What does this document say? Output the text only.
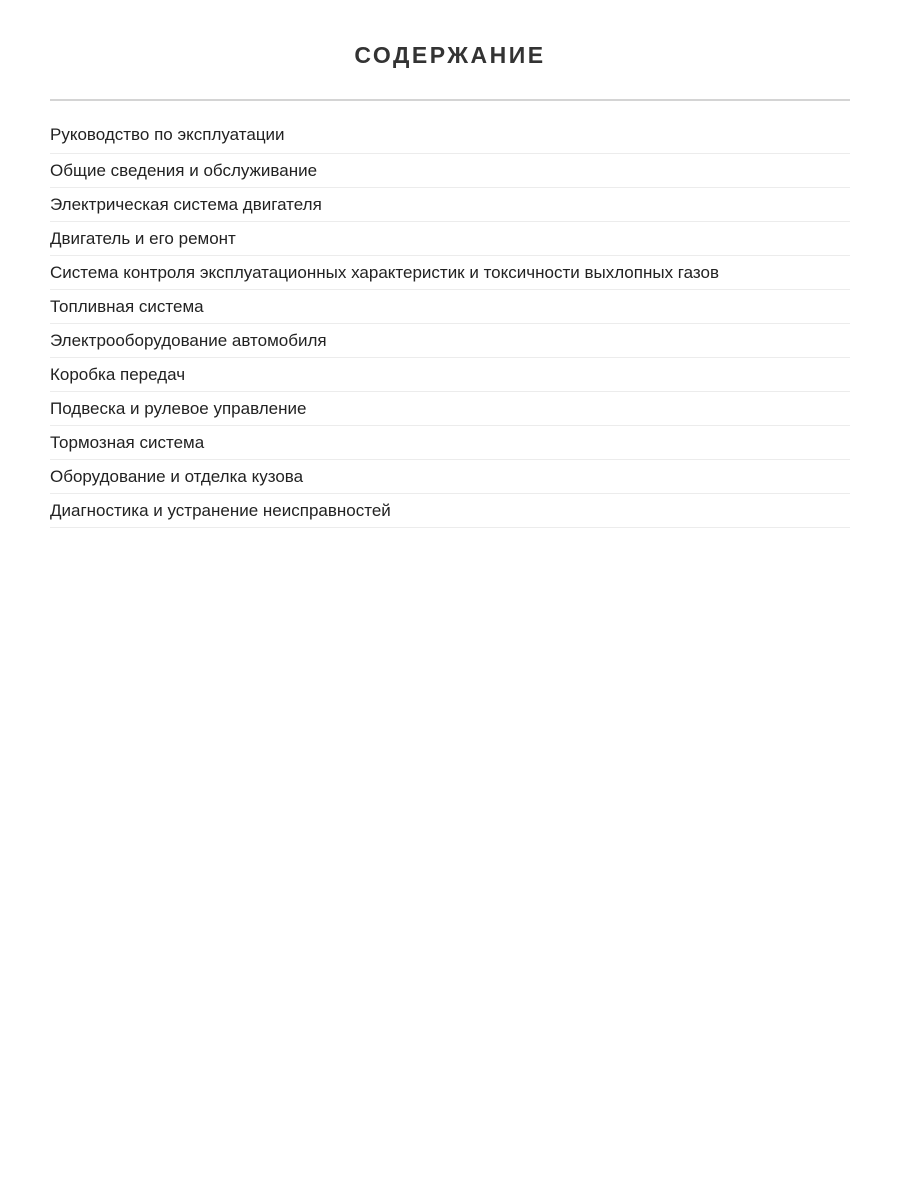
СОДЕРЖАНИЕ
Руководство по эксплуатации
Общие сведения и обслуживание
Электрическая система двигателя
Двигатель и его ремонт
Система контроля эксплуатационных характеристик и токсичности выхлопных газов
Топливная система
Электрооборудование автомобиля
Коробка передач
Подвеска и рулевое управление
Тормозная система
Оборудование и отделка кузова
Диагностика и устранение неисправностей
